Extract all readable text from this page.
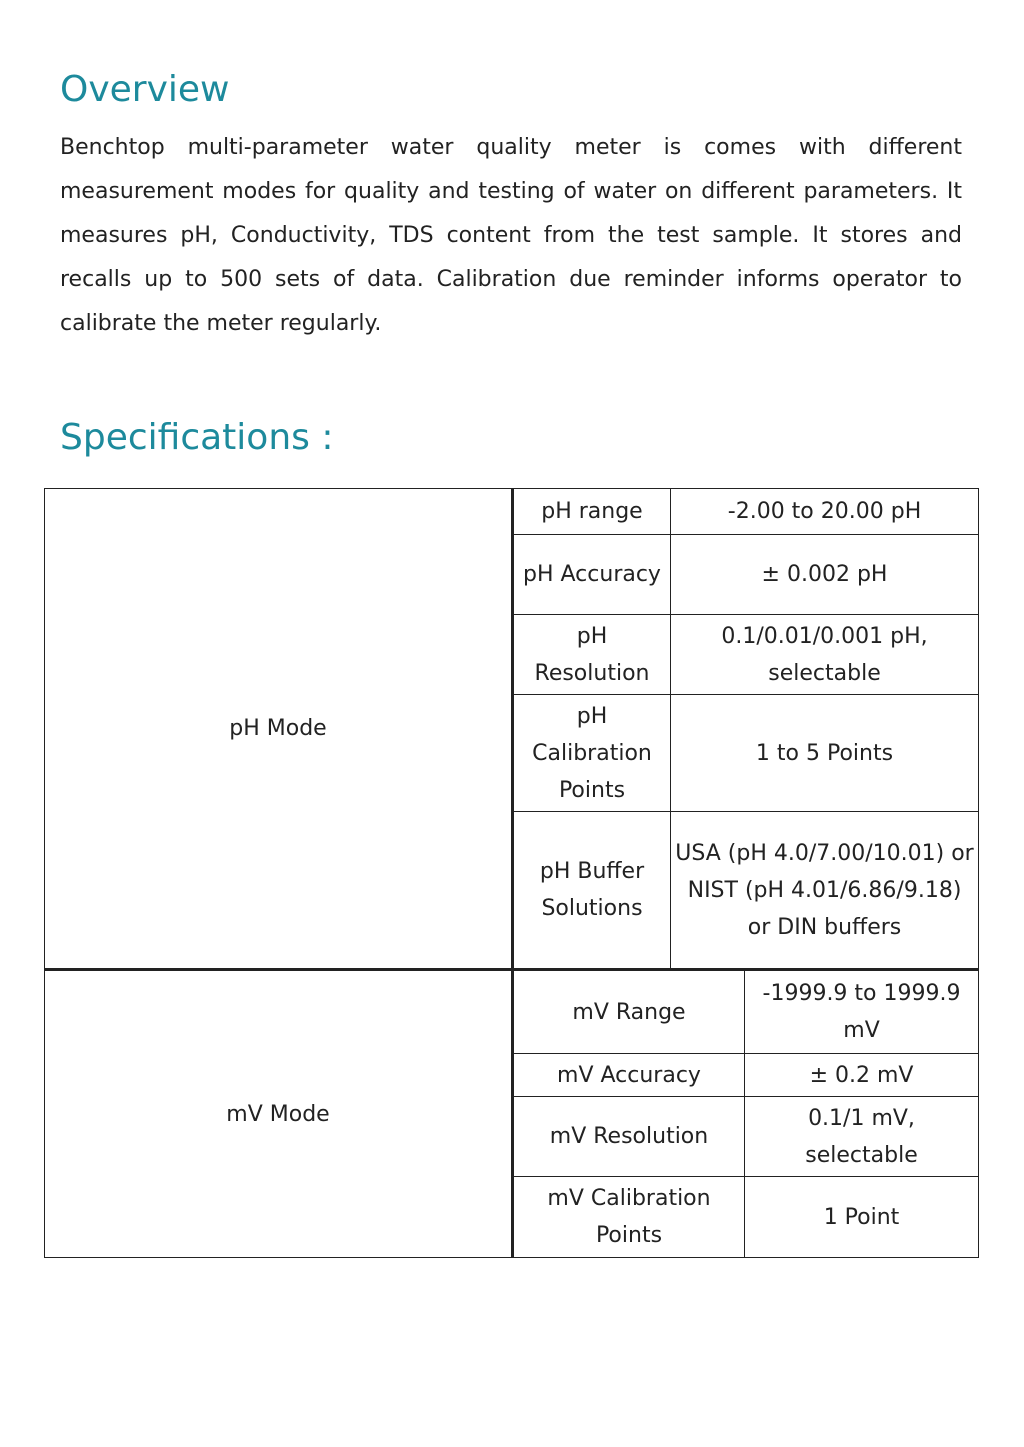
Overview

Benchtop multi-parameter water quality meter is comes with different measurement modes for quality and testing of water on different parameters. It measures pH, Conductivity, TDS content from the test sample. It stores and recalls up to 500 sets of data. Calibration due reminder informs operator to calibrate the meter regularly.

Specifications :
pH Mode	pH range	-2.00 to 20.00 pH	
	pH Accuracy	± 0.002 pH	
	pH Resolution	0.1/0.01/0.001 pH, selectable	
	pH Calibration Points	1 to 5 Points	
	pH Buffer Solutions	USA (pH 4.0/7.00/10.01) or NIST (pH 4.01/6.86/9.18) or DIN buffers	
mV Mode	mV Range		-1999.9 to 1999.9 mV
	mV Accuracy		± 0.2 mV
	mV Resolution		0.1/1 mV, selectable
	mV Calibration Points		1 Point
